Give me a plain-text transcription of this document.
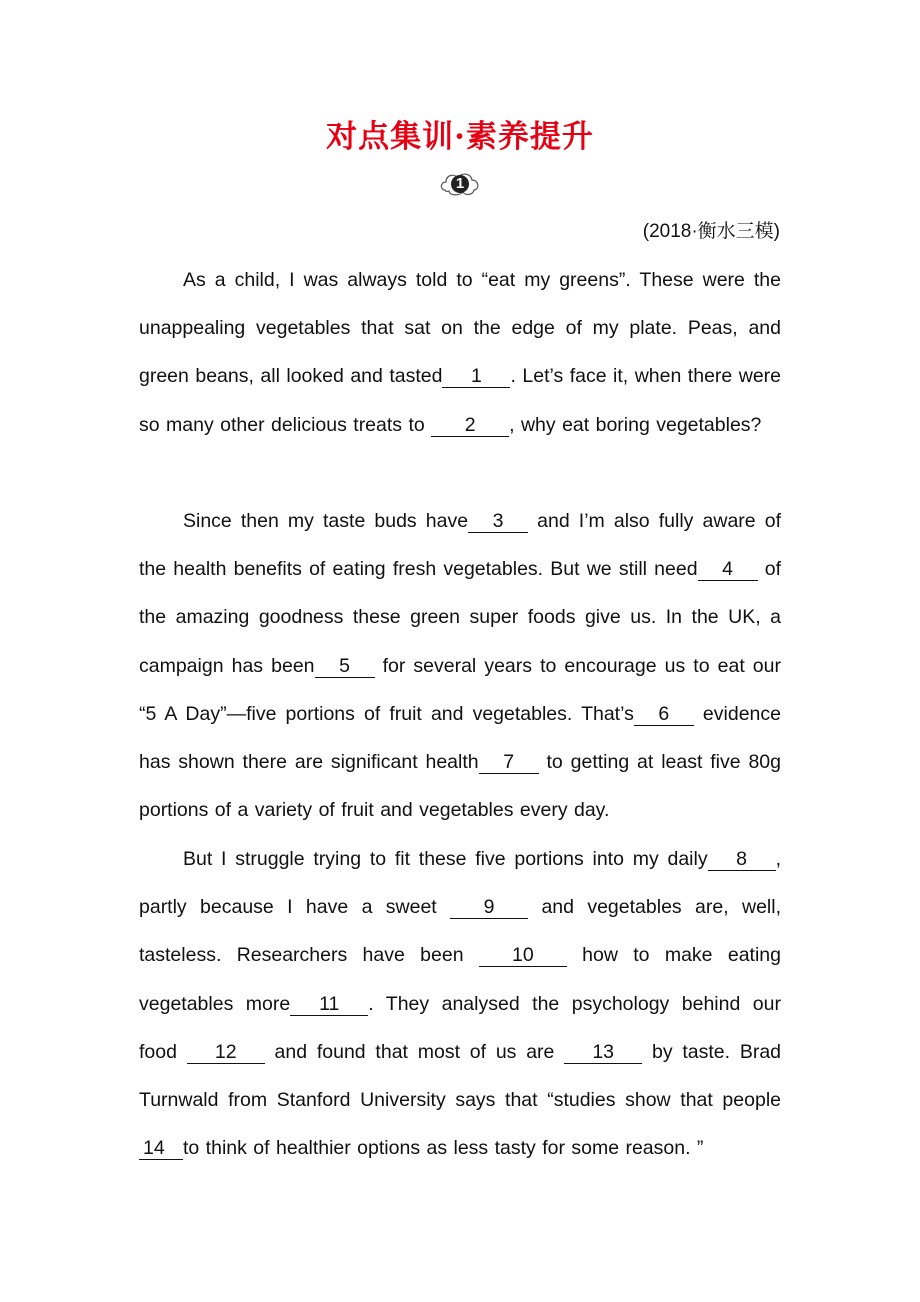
对点集训·素养提升
1
(2018·衡水三模)

As a child, I was always told to “eat my greens”. These were the unappealing vegetables that sat on the edge of my plate. Peas, and green beans, all looked and tasted 1 . Let’s face it, when there were so many other delicious treats to 2 , why eat boring vegetables?

Since then my taste buds have 3 and I’m also fully aware of the health benefits of eating fresh vegetables. But we still need 4 of the amazing goodness these green super foods give us. In the UK, a campaign has been 5 for several years to encourage us to eat our “5 A Day”—five portions of fruit and vegetables. That’s 6 evidence has shown there are significant health 7 to getting at least five 80g portions of a variety of fruit and vegetables every day.

But I struggle trying to fit these five portions into my daily 8 , partly because I have a sweet 9 and vegetables are, well, tasteless. Researchers have been 10 how to make eating vegetables more 11 . They analysed the psychology behind our food 12 and found that most of us are 13 by taste. Brad Turnwald from Stanford University says that “studies show that people 14 to think of healthier options as less tasty for some reason. ”
